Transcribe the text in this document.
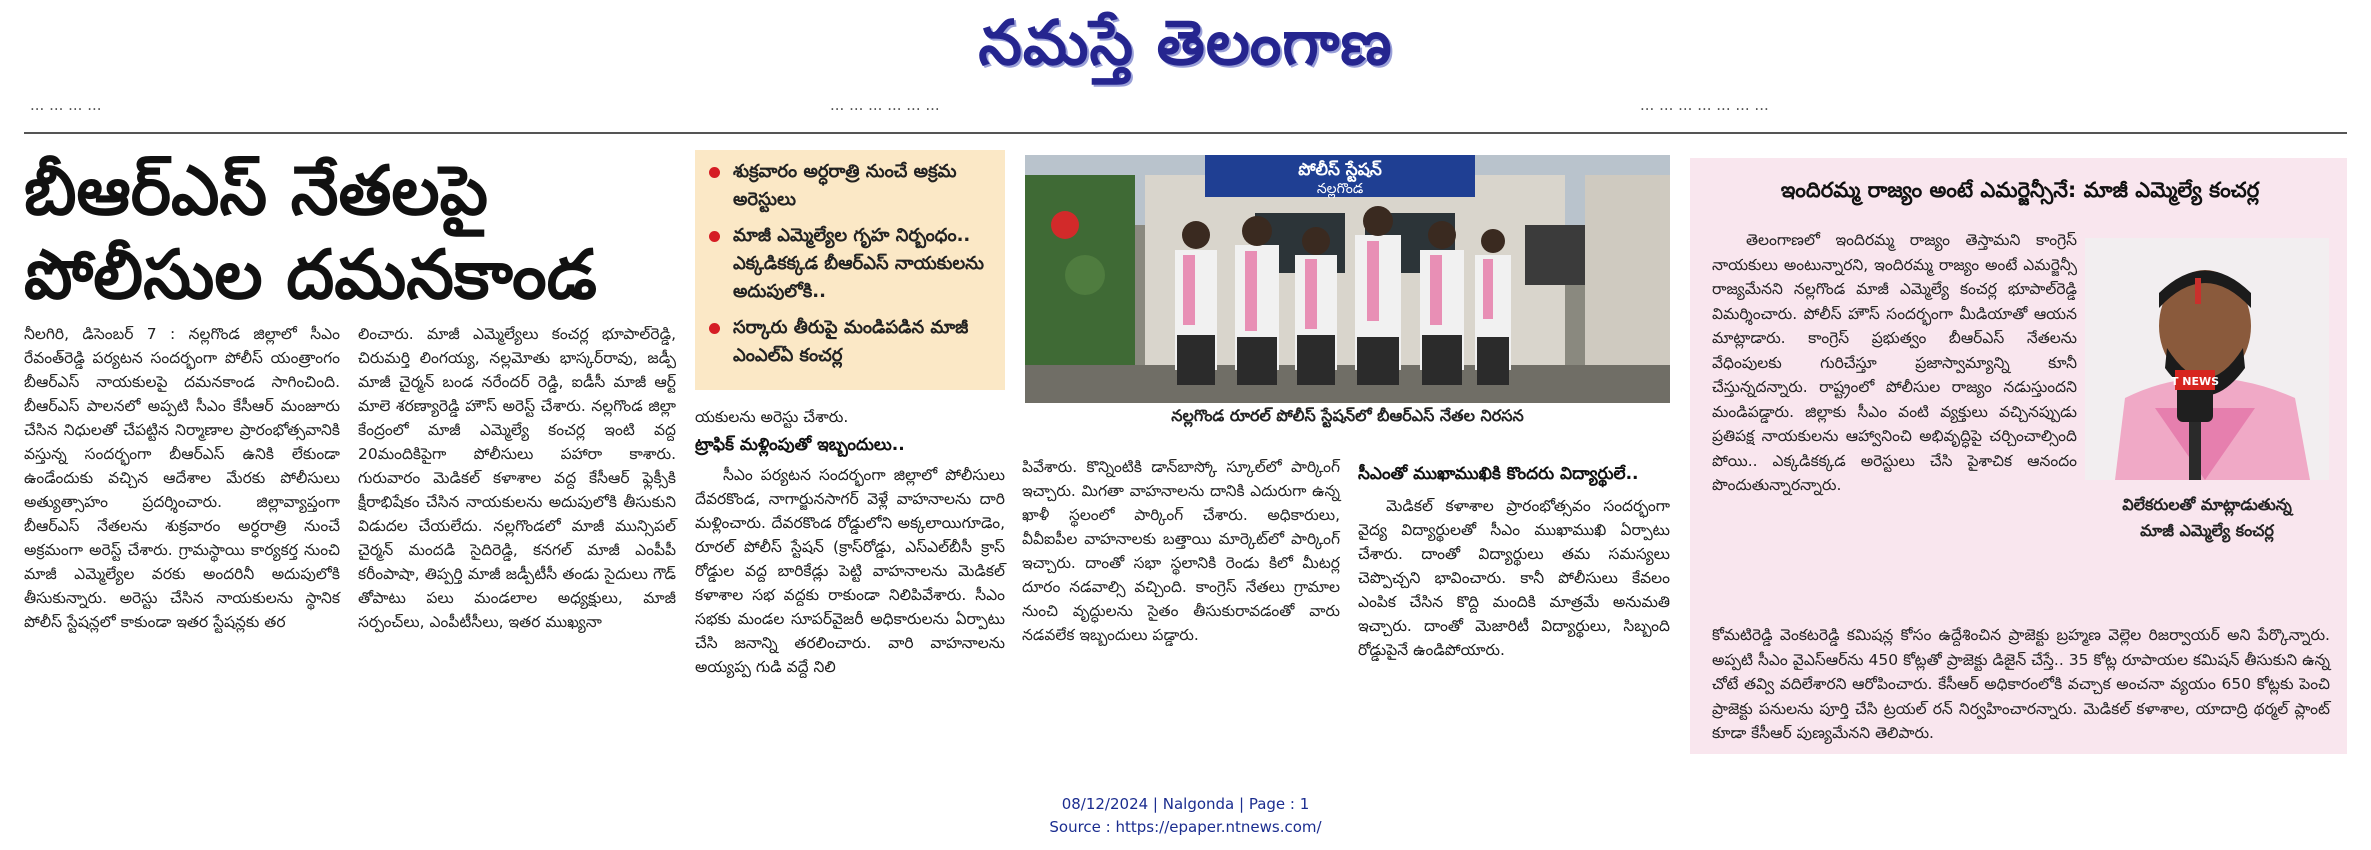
నమస్తే తెలంగాణ
... ... ... ...	... ... ... ... ... ...	... ... ... ... ... ... ...
బీఆర్ఎస్ నేతలపై
పోలీసుల దమనకాండ
నీలగిరి, డిసెంబర్ 7 : నల్లగొండ జిల్లాలో సీఎం రేవంత్‌రెడ్డి పర్యటన సందర్భంగా పోలీస్ యంత్రాంగం బీఆర్ఎస్ నాయకులపై దమనకాండ సాగించింది. బీఆర్ఎస్ పాలనలో అప్పటి సీఎం కేసీఆర్ మంజూరు చేసిన నిధులతో చేపట్టిన నిర్మాణాల ప్రారంభోత్సవానికి వస్తున్న సందర్భంగా బీఆర్ఎస్ ఉనికి లేకుండా ఉండేందుకు వచ్చిన ఆదేశాల మేరకు పోలీసులు అత్యుత్సాహం ప్రదర్శించారు. జిల్లావ్యాప్తంగా బీఆర్ఎస్ నేతలను శుక్రవారం అర్ధరాత్రి నుంచే అక్రమంగా అరెస్ట్ చేశారు. గ్రామస్థాయి కార్యకర్త నుంచి మాజీ ఎమ్మెల్యేల వరకు అందరినీ అదుపులోకి తీసుకున్నారు. అరెస్టు చేసిన నాయకులను స్థానిక పోలీస్ స్టేషన్లలో కాకుండా ఇతర స్టేషన్లకు తర
లించారు. మాజీ ఎమ్మెల్యేలు కంచర్ల భూపాల్‌రెడ్డి, చిరుమర్తి లింగయ్య, నల్లమోతు భాస్కర్‌రావు, జడ్పీ మాజీ చైర్మన్ బండ నరేందర్ రెడ్డి, ఐడీసీ మాజీ ఆర్ట్ మాలె శరణ్యారెడ్డి హౌస్ అరెస్ట్ చేశారు. నల్లగొండ జిల్లా కేంద్రంలో మాజీ ఎమ్మెల్యే కంచర్ల ఇంటి వద్ద 20మందికిపైగా పోలీసులు పహారా కాశారు. గురువారం మెడికల్ కళాశాల వద్ద కేసీఆర్ ఫ్లెక్సీకి క్షీరాభిషేకం చేసిన నాయకులను అదుపులోకి తీసుకుని విడుదల చేయలేదు. నల్లగొండలో మాజీ మున్సిపల్ చైర్మన్ మందడి సైదిరెడ్డి, కనగల్ మాజీ ఎంపీపీ కరీంపాషా, తిప్పర్తి మాజీ జడ్పీటీసీ తండు సైదులు గౌడ్ తోపాటు పలు మండలాల అధ్యక్షులు, మాజీ సర్పంచ్‌లు, ఎంపీటీసీలు, ఇతర ముఖ్యనా
యకులను అరెస్టు చేశారు.
ట్రాఫిక్ మళ్లింపుతో ఇబ్బందులు..
సీఎం పర్యటన సందర్భంగా జిల్లాలో పోలీసులు దేవరకొండ, నాగార్జునసాగర్ వెళ్లే వాహనాలను దారి మళ్లించారు. దేవరకొండ రోడ్డులోని అక్కలాయిగూడెం, రూరల్ పోలీస్ స్టేషన్ (క్రాస్‌రోడ్డు, ఎస్ఎల్‌బీసీ క్రాస్ రోడ్డుల వద్ద బారికేడ్లు పెట్టి వాహనాలను మెడికల్ కళాశాల సభ వద్దకు రాకుండా నిలిపివేశారు. సీఎం సభకు మండల సూపర్‌వైజరీ అధికారులను ఏర్పాటు చేసి జనాన్ని తరలించారు. వారి వాహనాలను అయ్యప్ప గుడి వద్దే నిలి
పివేశారు. కొన్నింటికి డాన్‌బాస్కో స్కూల్‌లో పార్కింగ్ ఇచ్చారు. మిగతా వాహనాలను దానికి ఎదురుగా ఉన్న ఖాళీ స్థలంలో పార్కింగ్ చేశారు. అధికారులు, వీవీఐపీల వాహనాలకు బత్తాయి మార్కెట్‌లో పార్కింగ్ ఇచ్చారు. దాంతో సభా స్థలానికి రెండు కిలో మీటర్ల దూరం నడవాల్సి వచ్చింది. కాంగ్రెస్ నేతలు గ్రామాల నుంచి వృద్ధులను సైతం తీసుకురావడంతో వారు నడవలేక ఇబ్బందులు పడ్డారు.
సీఎంతో ముఖాముఖికి కొందరు విద్యార్థులే..
మెడికల్ కళాశాల ప్రారంభోత్సవం సందర్భంగా వైద్య విద్యార్థులతో సీఎం ముఖాముఖి ఏర్పాటు చేశారు. దాంతో విద్యార్థులు తమ సమస్యలు చెప్పొచ్చని భావించారు. కానీ పోలీసులు కేవలం ఎంపిక చేసిన కొద్ది మందికి మాత్రమే అనుమతి ఇచ్చారు. దాంతో మెజారిటీ విద్యార్థులు, సిబ్బంది రోడ్డుపైనే ఉండిపోయారు.
శుక్రవారం అర్ధరాత్రి నుంచే అక్రమ అరెస్టులు
మాజీ ఎమ్మెల్యేల గృహ నిర్బంధం.. ఎక్కడికక్కడ బీఆర్ఎస్ నాయకులను అదుపులోకి..
సర్కారు తీరుపై మండిపడిన మాజీ ఎంఎల్ఏ కంచర్ల
పోలీస్ స్టేషన్
నల్లగొండ
నల్లగొండ రూరల్ పోలీస్ స్టేషన్‌లో బీఆర్ఎస్ నేతల నిరసన
ఇందిరమ్మ రాజ్యం అంటే ఎమర్జెన్సీనే: మాజీ ఎమ్మెల్యే కంచర్ల
తెలంగాణలో ఇందిరమ్మ రాజ్యం తెస్తామని కాంగ్రెస్ నాయకులు అంటున్నారని, ఇందిరమ్మ రాజ్యం అంటే ఎమర్జెన్సీ రాజ్యమేనని నల్లగొండ మాజీ ఎమ్మెల్యే కంచర్ల భూపాల్‌రెడ్డి విమర్శించారు. పోలీస్ హౌస్ సందర్భంగా మీడియాతో ఆయన మాట్లాడారు. కాంగ్రెస్ ప్రభుత్వం బీఆర్ఎస్ నేతలను వేధింపులకు గురిచేస్తూ ప్రజాస్వామ్యాన్ని కూనీ చేస్తున్నదన్నారు. రాష్ట్రంలో పోలీసుల రాజ్యం నడుస్తుందని మండిపడ్డారు. జిల్లాకు సీఎం వంటి వ్యక్తులు వచ్చినప్పుడు ప్రతిపక్ష నాయకులను ఆహ్వానించి అభివృద్ధిపై చర్చించాల్సింది పోయి.. ఎక్కడికక్కడ అరెస్టులు చేసి పైశాచిక ఆనందం పొందుతున్నారన్నారు.
T NEWS
విలేకరులతో మాట్లాడుతున్న
మాజీ ఎమ్మెల్యే కంచర్ల
కోమటిరెడ్డి వెంకటరెడ్డి కమిషన్ల కోసం ఉద్దేశించిన ప్రాజెక్టు బ్రహ్మణ వెల్లెల రిజర్వాయర్ అని పేర్కొన్నారు. అప్పటి సీఎం వైఎస్ఆర్‌ను 450 కోట్లతో ప్రాజెక్టు డిజైన్ చేస్తే.. 35 కోట్ల రూపాయల కమిషన్ తీసుకుని ఉన్న చోటే తవ్వి వదిలేశారని ఆరోపించారు. కేసీఆర్ అధికారంలోకి వచ్చాక అంచనా వ్యయం 650 కోట్లకు పెంచి ప్రాజెక్టు పనులను పూర్తి చేసి ట్రయల్ రన్ నిర్వహించారన్నారు. మెడికల్ కళాశాల, యాదాద్రి థర్మల్ ప్లాంట్ కూడా కేసీఆర్ పుణ్యమేనని తెలిపారు.
08/12/2024 | Nalgonda | Page : 1
Source : https://epaper.ntnews.com/
